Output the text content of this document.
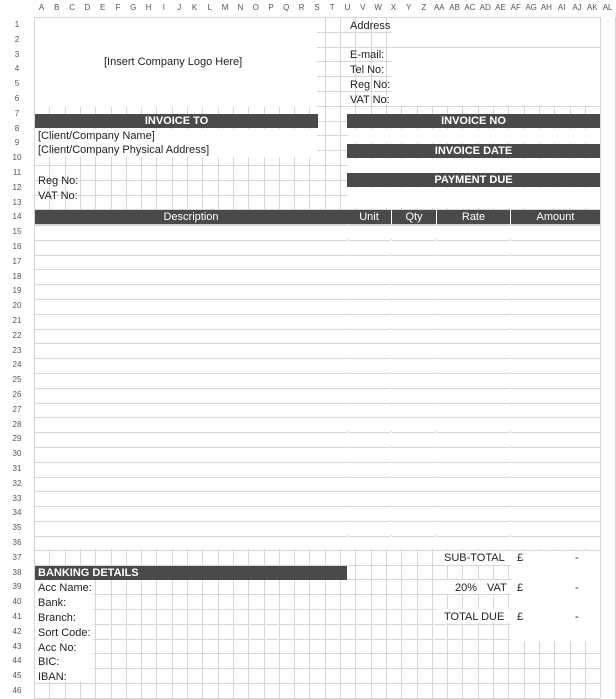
[Insert Company Logo Here]
Address
E-mail:
Tel No:
Reg No:
VAT No:
INVOICE TO
[Client/Company Name]
[Client/Company Physical Address]
Reg No:
VAT No:
INVOICE NO
INVOICE DATE
PAYMENT DUE
Description	Unit	Qty	Rate	Amount
SUB-TOTAL £	-
20% VAT £	-
TOTAL DUE £	-
BANKING DETAILS
Acc Name:
Bank:
Branch:
Sort Code:
Acc No:
BIC:
IBAN:
A	B	C	D	E	F	G	H	I	J	K	L	M	N	O	P	Q	R	S	T	U	V	W	X	Y	Z AA AB AC AD AE AF AG AH AI AJ AK AL
1
2
3
4
5
6
7
8
9
10
11
12
13
14
15
16
17
18
19
20
21
22
23
24
25
26
27
28
29
30
31
32
33
34
35
36
37
38
39
40
41
42
43
44
45
46
